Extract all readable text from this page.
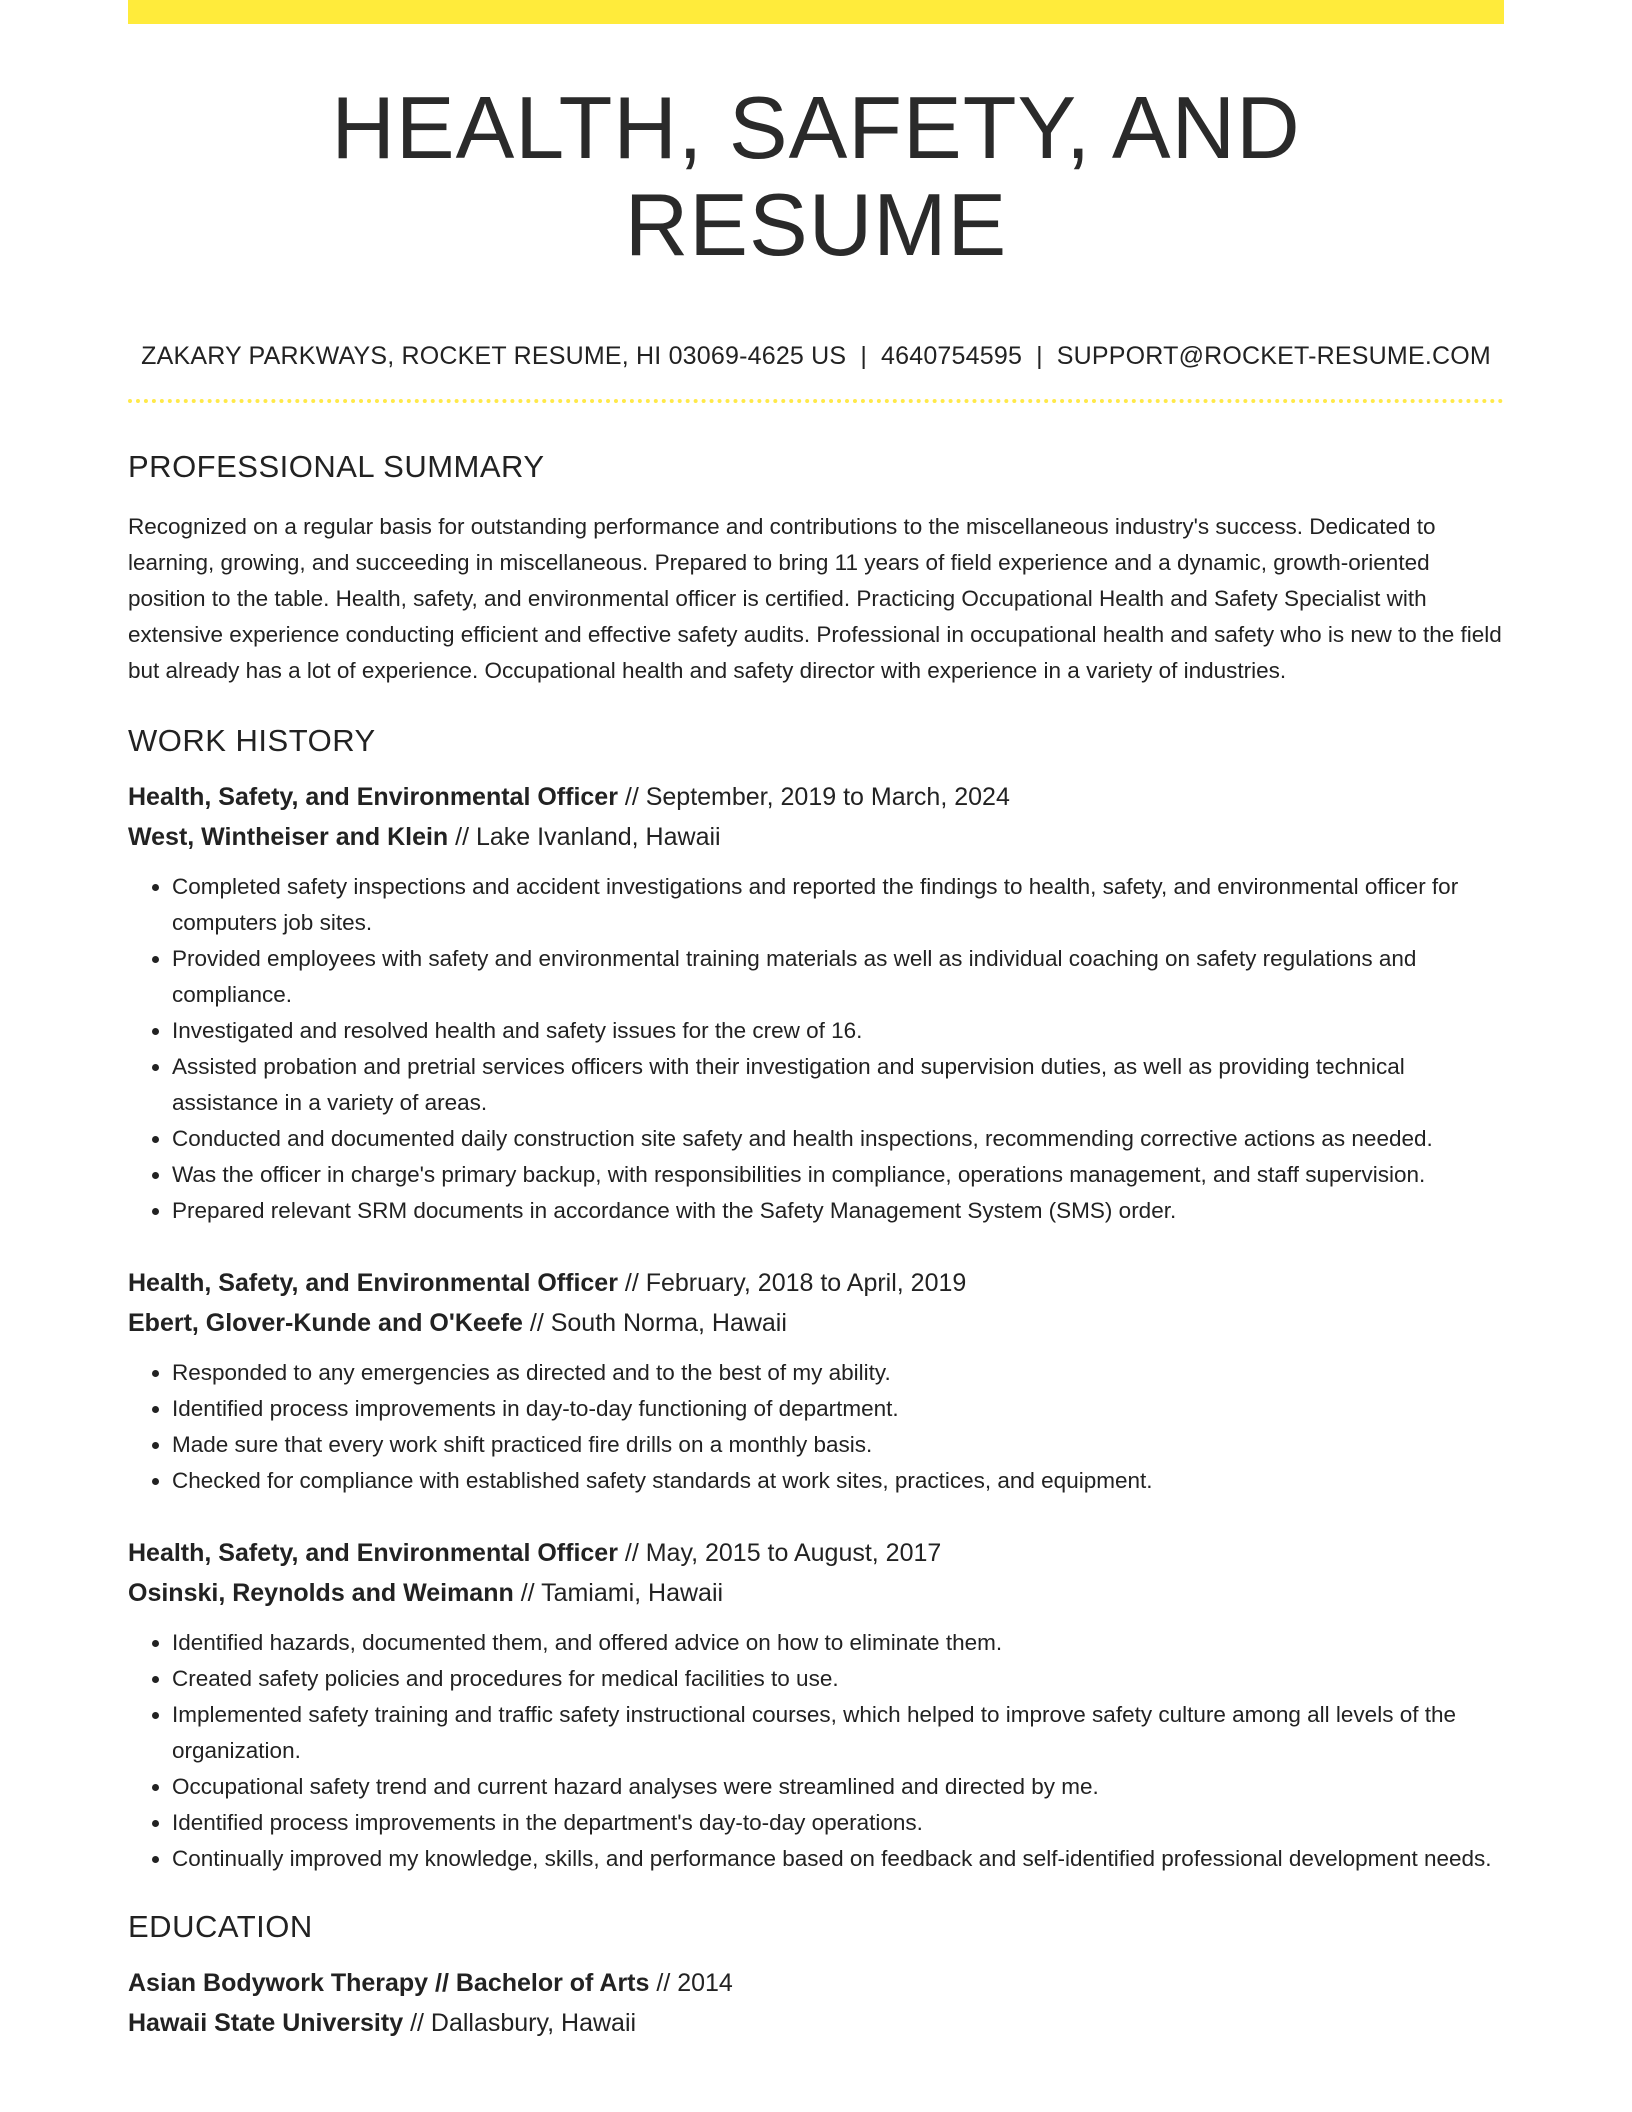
HEALTH, SAFETY, AND RESUME
ZAKARY PARKWAYS, ROCKET RESUME, HI 03069-4625 US | 4640754595 | SUPPORT@ROCKET-RESUME.COM
PROFESSIONAL SUMMARY

Recognized on a regular basis for outstanding performance and contributions to the miscellaneous industry's success. Dedicated to learning, growing, and succeeding in miscellaneous. Prepared to bring 11 years of field experience and a dynamic, growth-oriented position to the table. Health, safety, and environmental officer is certified. Practicing Occupational Health and Safety Specialist with extensive experience conducting efficient and effective safety audits. Professional in occupational health and safety who is new to the field but already has a lot of experience. Occupational health and safety director with experience in a variety of industries.

WORK HISTORY
Health, Safety, and Environmental Officer // September, 2019 to March, 2024
West, Wintheiser and Klein // Lake Ivanland, Hawaii
• Completed safety inspections and accident investigations and reported the findings to health, safety, and environmental officer for computers job sites.
• Provided employees with safety and environmental training materials as well as individual coaching on safety regulations and compliance.
• Investigated and resolved health and safety issues for the crew of 16.
• Assisted probation and pretrial services officers with their investigation and supervision duties, as well as providing technical assistance in a variety of areas.
• Conducted and documented daily construction site safety and health inspections, recommending corrective actions as needed.
• Was the officer in charge's primary backup, with responsibilities in compliance, operations management, and staff supervision.
• Prepared relevant SRM documents in accordance with the Safety Management System (SMS) order.
Health, Safety, and Environmental Officer // February, 2018 to April, 2019
Ebert, Glover-Kunde and O'Keefe // South Norma, Hawaii
• Responded to any emergencies as directed and to the best of my ability.
• Identified process improvements in day-to-day functioning of department.
• Made sure that every work shift practiced fire drills on a monthly basis.
• Checked for compliance with established safety standards at work sites, practices, and equipment.
Health, Safety, and Environmental Officer // May, 2015 to August, 2017
Osinski, Reynolds and Weimann // Tamiami, Hawaii
• Identified hazards, documented them, and offered advice on how to eliminate them.
• Created safety policies and procedures for medical facilities to use.
• Implemented safety training and traffic safety instructional courses, which helped to improve safety culture among all levels of the organization.
• Occupational safety trend and current hazard analyses were streamlined and directed by me.
• Identified process improvements in the department's day-to-day operations.
• Continually improved my knowledge, skills, and performance based on feedback and self-identified professional development needs.
EDUCATION
Asian Bodywork Therapy // Bachelor of Arts // 2014
Hawaii State University // Dallasbury, Hawaii
